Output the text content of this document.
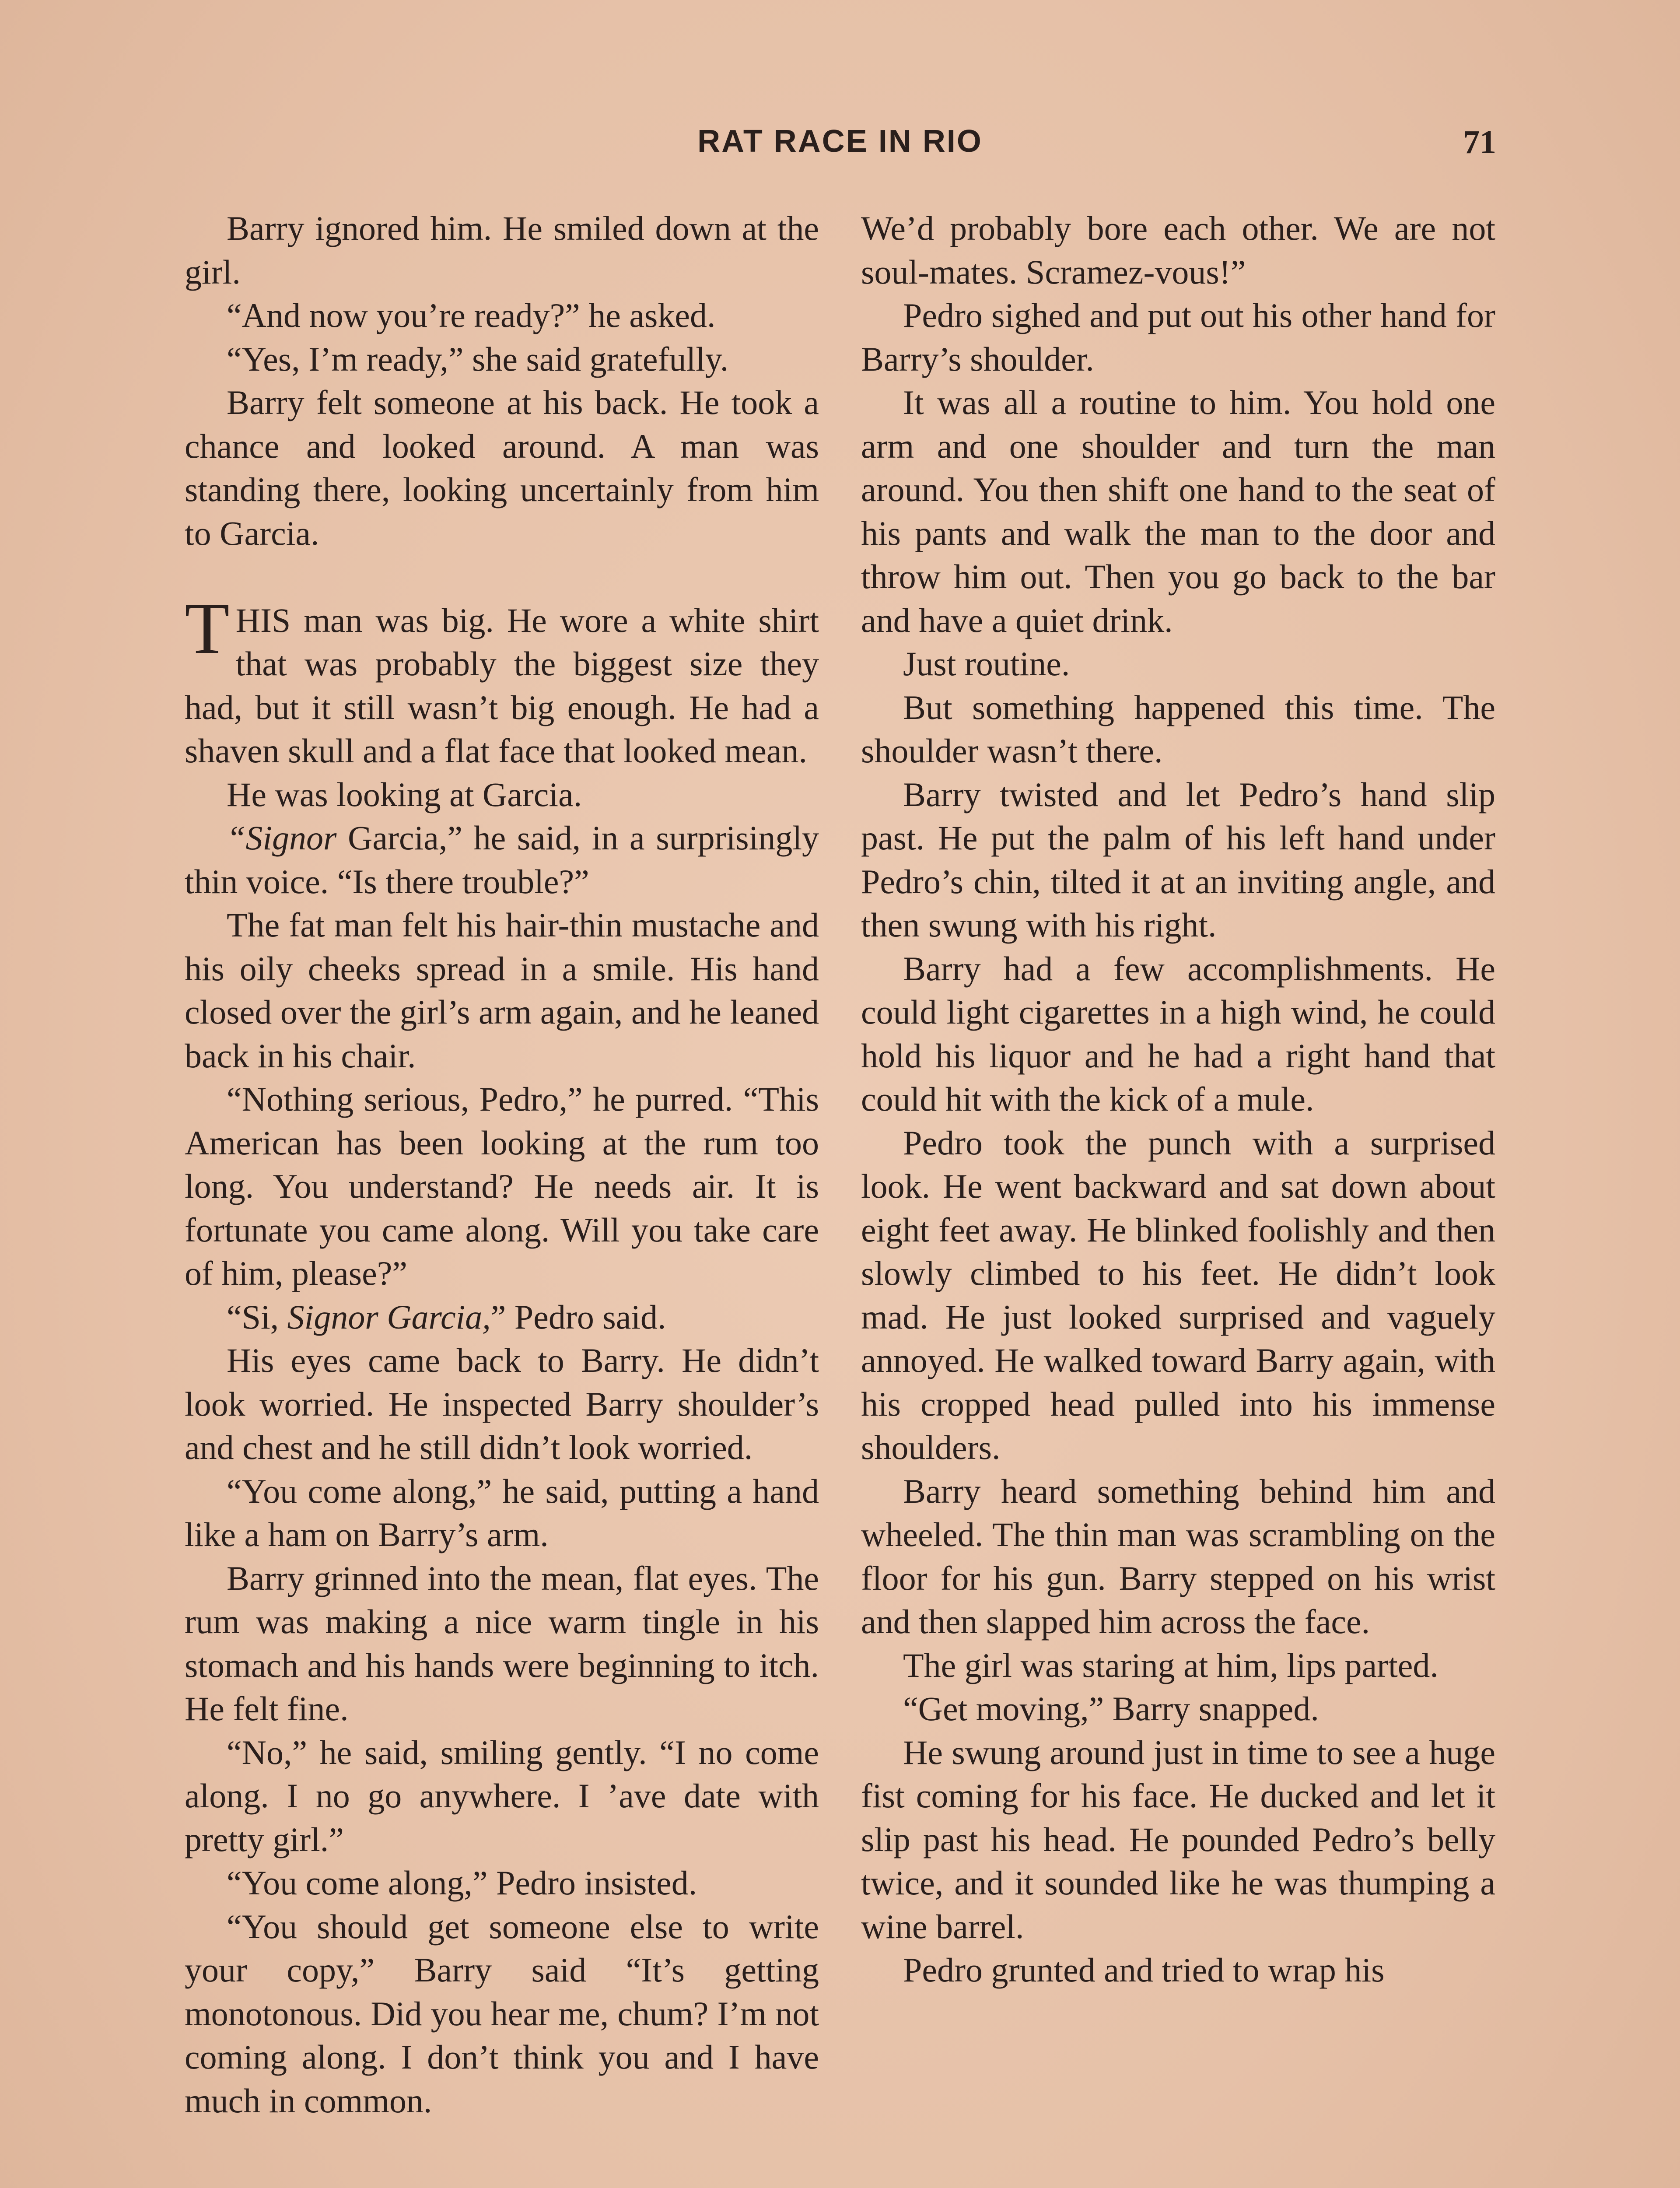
RAT RACE IN RIO	71

Barry ignored him. He smiled down at the girl.

“And now you’re ready?” he asked.

“Yes, I’m ready,” she said gratefully.

Barry felt someone at his back. He took a chance and looked around. A man was standing there, looking uncertainly from him to Garcia.

THIS man was big. He wore a white shirt that was probably the biggest size they had, but it still wasn’t big enough. He had a shaven skull and a flat face that looked mean.

He was looking at Garcia.

“Signor Garcia,” he said, in a surprisingly thin voice. “Is there trouble?”

The fat man felt his hair-thin mustache and his oily cheeks spread in a smile. His hand closed over the girl’s arm again, and he leaned back in his chair.

“Nothing serious, Pedro,” he purred. “This American has been looking at the rum too long. You understand? He needs air. It is fortunate you came along. Will you take care of him, please?”

“Si, Signor Garcia,” Pedro said.

His eyes came back to Barry. He didn’t look worried. He inspected Barry shoulder’s and chest and he still didn’t look worried.

“You come along,” he said, putting a hand like a ham on Barry’s arm.

Barry grinned into the mean, flat eyes. The rum was making a nice warm tingle in his stomach and his hands were beginning to itch. He felt fine.

“No,” he said, smiling gently. “I no come along. I no go anywhere. I ’ave date with pretty girl.”

“You come along,” Pedro insisted.

“You should get someone else to write your copy,” Barry said “It’s getting monotonous. Did you hear me, chum? I’m not coming along. I don’t think you and I have much in common.

We’d probably bore each other. We are not soul-mates. Scramez-vous!”

Pedro sighed and put out his other hand for Barry’s shoulder.

It was all a routine to him. You hold one arm and one shoulder and turn the man around. You then shift one hand to the seat of his pants and walk the man to the door and throw him out. Then you go back to the bar and have a quiet drink.

Just routine.

But something happened this time. The shoulder wasn’t there.

Barry twisted and let Pedro’s hand slip past. He put the palm of his left hand under Pedro’s chin, tilted it at an inviting angle, and then swung with his right.

Barry had a few accomplishments. He could light cigarettes in a high wind, he could hold his liquor and he had a right hand that could hit with the kick of a mule.

Pedro took the punch with a surprised look. He went backward and sat down about eight feet away. He blinked foolishly and then slowly climbed to his feet. He didn’t look mad. He just looked surprised and vaguely annoyed. He walked toward Barry again, with his cropped head pulled into his immense shoulders.

Barry heard something behind him and wheeled. The thin man was scrambling on the floor for his gun. Barry stepped on his wrist and then slapped him across the face.

The girl was staring at him, lips parted.

“Get moving,” Barry snapped.

He swung around just in time to see a huge fist coming for his face. He ducked and let it slip past his head. He pounded Pedro’s belly twice, and it sounded like he was thumping a wine barrel.

Pedro grunted and tried to wrap his
